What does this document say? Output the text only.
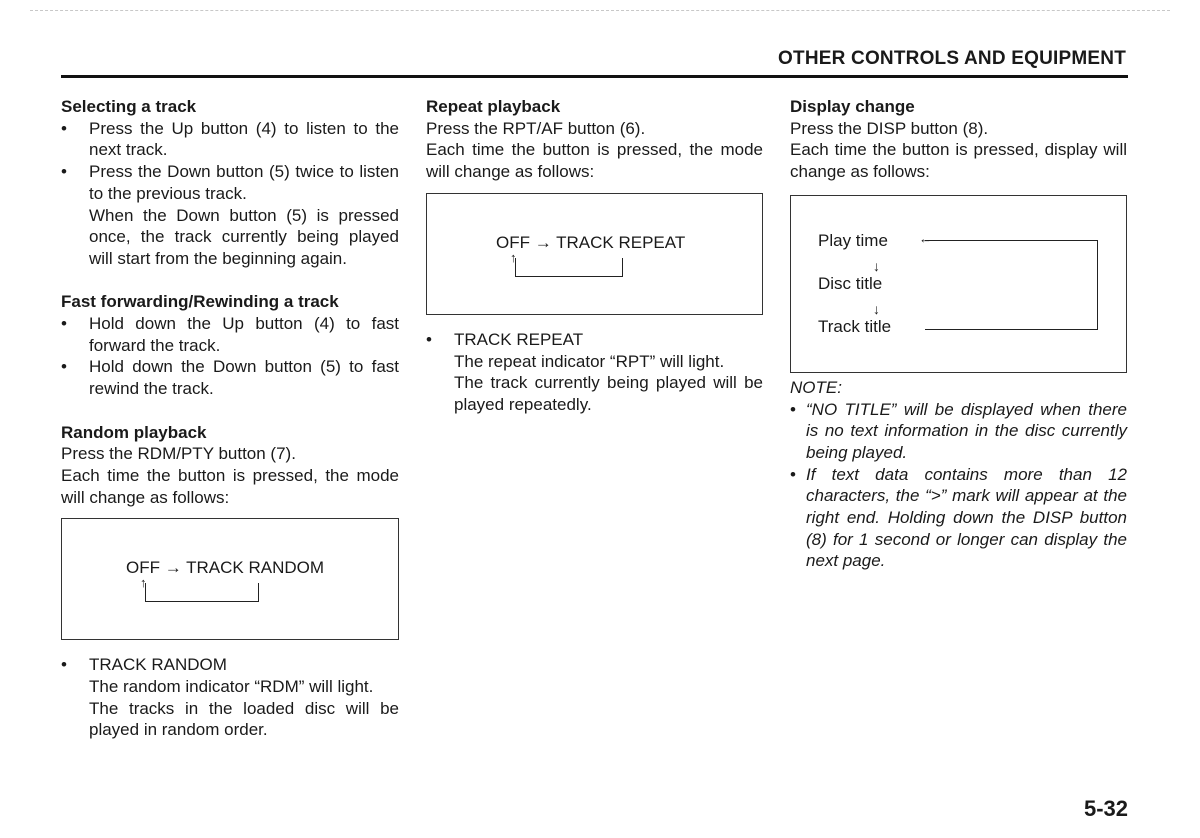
OTHER CONTROLS AND EQUIPMENT

Selecting a track

•	Press the Up button (4) to listen to the next track.
•	Press the Down button (5) twice to listen to the previous track.
When the Down button (5) is pressed once, the track currently being played will start from the beginning again.

Fast forwarding/Rewinding a track

•	Hold down the Up button (4) to fast forward the track.
•	Hold down the Down button (5) to fast rewind the track.

Random playback

Press the RDM/PTY button (7).
Each time the button is pressed, the mode will change as follows:
OFF → TRACK RANDOM
↑
•	TRACK RANDOM
The random indicator “RDM” will light.
The tracks in the loaded disc will be played in random order.

Repeat playback

Press the RPT/AF button (6).
Each time the button is pressed, the mode will change as follows:
OFF → TRACK REPEAT
↑
•	TRACK REPEAT
The repeat indicator “RPT” will light.
The track currently being played will be played repeatedly.

Display change

Press the DISP button (8).
Each time the button is pressed, display will change as follows:
Play time
↓
Disc title
↓
Track title
←

NOTE:

• “NO TITLE” will be displayed when there is no text information in the disc currently being played.
• If text data contains more than 12 characters, the “>” mark will appear at the right end. Holding down the DISP button (8) for 1 second or longer can display the next page.
5-32
